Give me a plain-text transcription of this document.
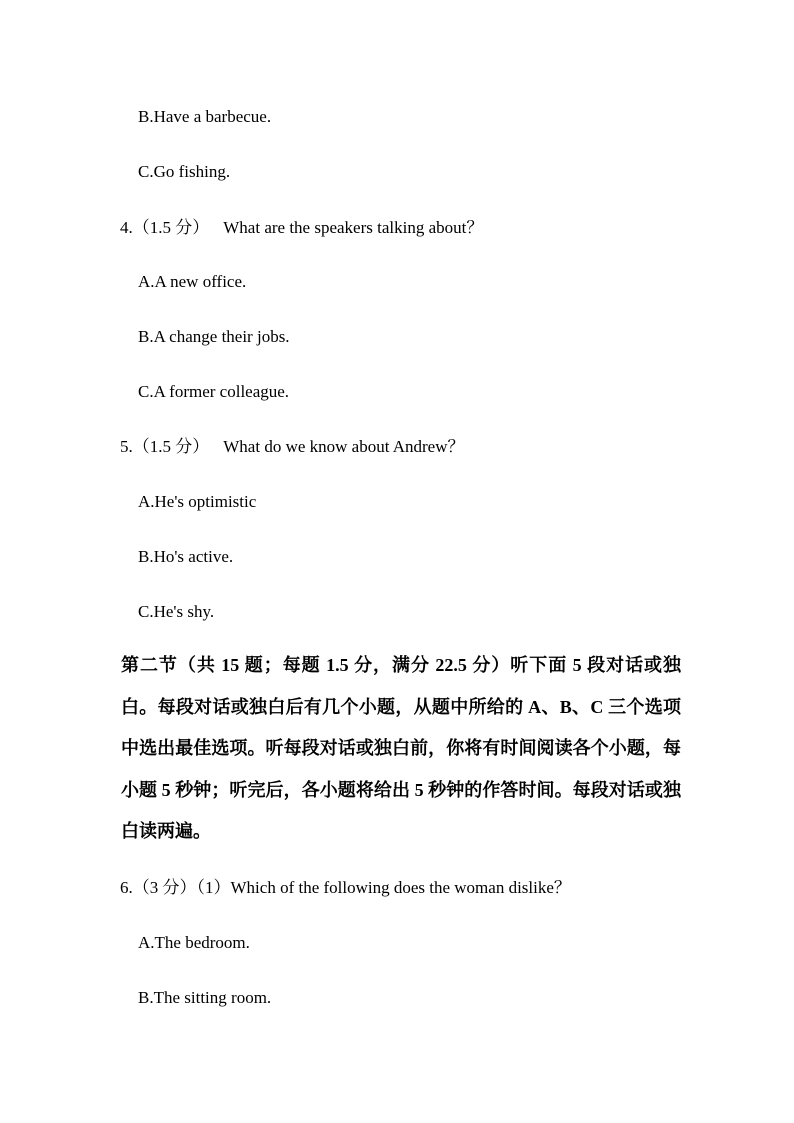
B.Have a barbecue.
C.Go fishing.
4.（1.5 分） What are the speakers talking about？
A.A new office.
B.A change their jobs.
C.A former colleague.
5.（1.5 分） What do we know about Andrew？
A.He's optimistic
B.Ho's active.
C.He's shy.
第二节（共 15 题；每题 1.5 分，满分 22.5 分）听下面 5 段对话或独白。每段对话或独白后有几个小题，从题中所给的 A、B、C 三个选项中选出最佳选项。听每段对话或独白前，你将有时间阅读各个小题，每小题 5 秒钟；听完后，各小题将给出 5 秒钟的作答时间。每段对话或独白读两遍。
6.（3 分）（1）Which of the following does the woman dislike？
A.The bedroom.
B.The sitting room.
